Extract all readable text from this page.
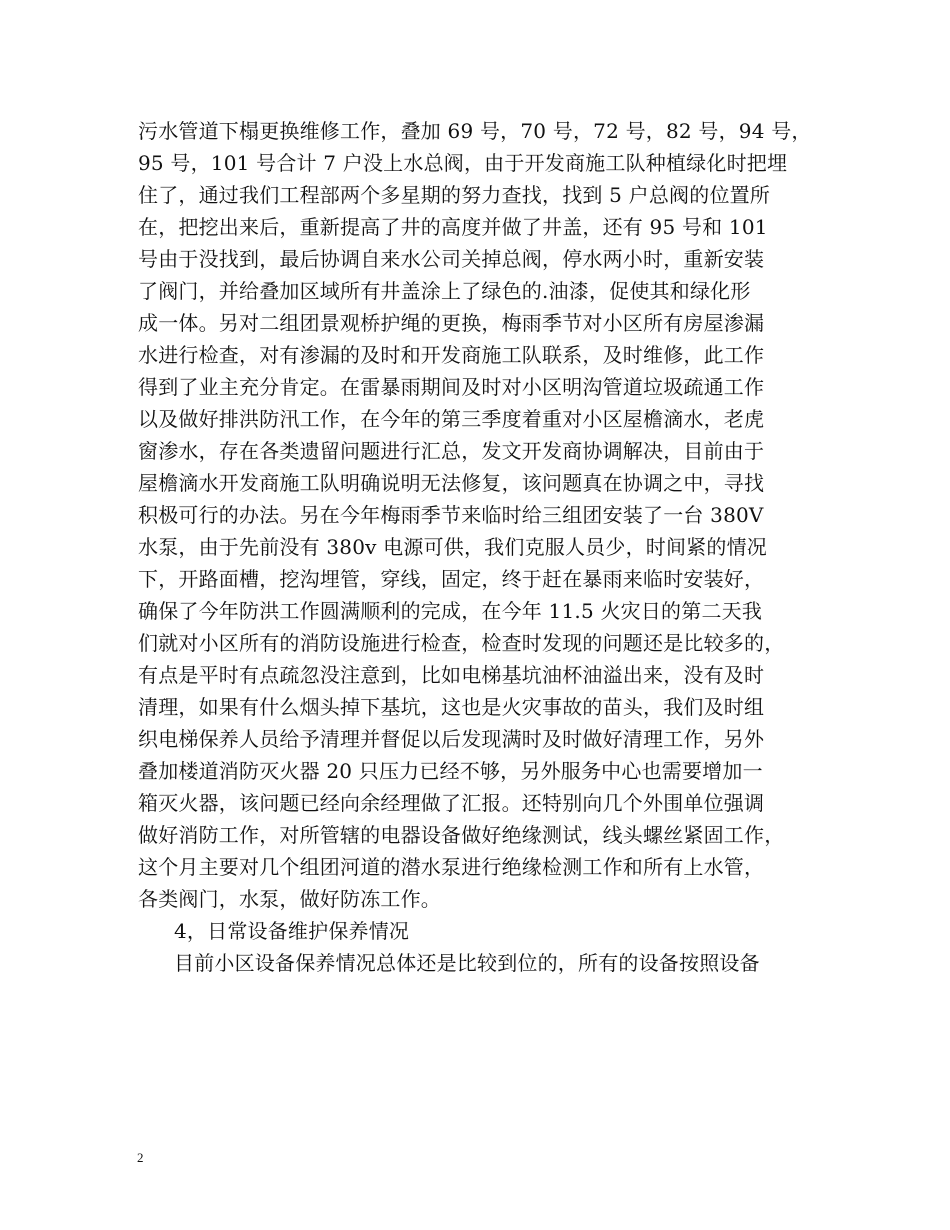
污水管道下榻更换维修工作，叠加 69 号，70 号，72 号，82 号，94 号，
95 号，101 号合计 7 户没上水总阀，由于开发商施工队种植绿化时把埋
住了，通过我们工程部两个多星期的努力查找，找到 5 户总阀的位置所
在，把挖出来后，重新提高了井的高度并做了井盖，还有 95 号和 101
号由于没找到，最后协调自来水公司关掉总阀，停水两小时，重新安装
了阀门，并给叠加区域所有井盖涂上了绿色的.油漆，促使其和绿化形
成一体。另对二组团景观桥护绳的更换，梅雨季节对小区所有房屋渗漏
水进行检查，对有渗漏的及时和开发商施工队联系，及时维修，此工作
得到了业主充分肯定。在雷暴雨期间及时对小区明沟管道垃圾疏通工作
以及做好排洪防汛工作，在今年的第三季度着重对小区屋檐滴水，老虎
窗渗水，存在各类遗留问题进行汇总，发文开发商协调解决，目前由于
屋檐滴水开发商施工队明确说明无法修复，该问题真在协调之中，寻找
积极可行的办法。另在今年梅雨季节来临时给三组团安装了一台 380V
水泵，由于先前没有 380v 电源可供，我们克服人员少，时间紧的情况
下，开路面槽，挖沟埋管，穿线，固定，终于赶在暴雨来临时安装好，
确保了今年防洪工作圆满顺利的完成，在今年 11.5 火灾日的第二天我
们就对小区所有的消防设施进行检查，检查时发现的问题还是比较多的，
有点是平时有点疏忽没注意到，比如电梯基坑油杯油溢出来，没有及时
清理，如果有什么烟头掉下基坑，这也是火灾事故的苗头，我们及时组
织电梯保养人员给予清理并督促以后发现满时及时做好清理工作，另外
叠加楼道消防灭火器 20 只压力已经不够，另外服务中心也需要增加一
箱灭火器，该问题已经向余经理做了汇报。还特别向几个外围单位强调
做好消防工作，对所管辖的电器设备做好绝缘测试，线头螺丝紧固工作，
这个月主要对几个组团河道的潜水泵进行绝缘检测工作和所有上水管，
各类阀门，水泵，做好防冻工作。
4，日常设备维护保养情况
目前小区设备保养情况总体还是比较到位的，所有的设备按照设备
2
